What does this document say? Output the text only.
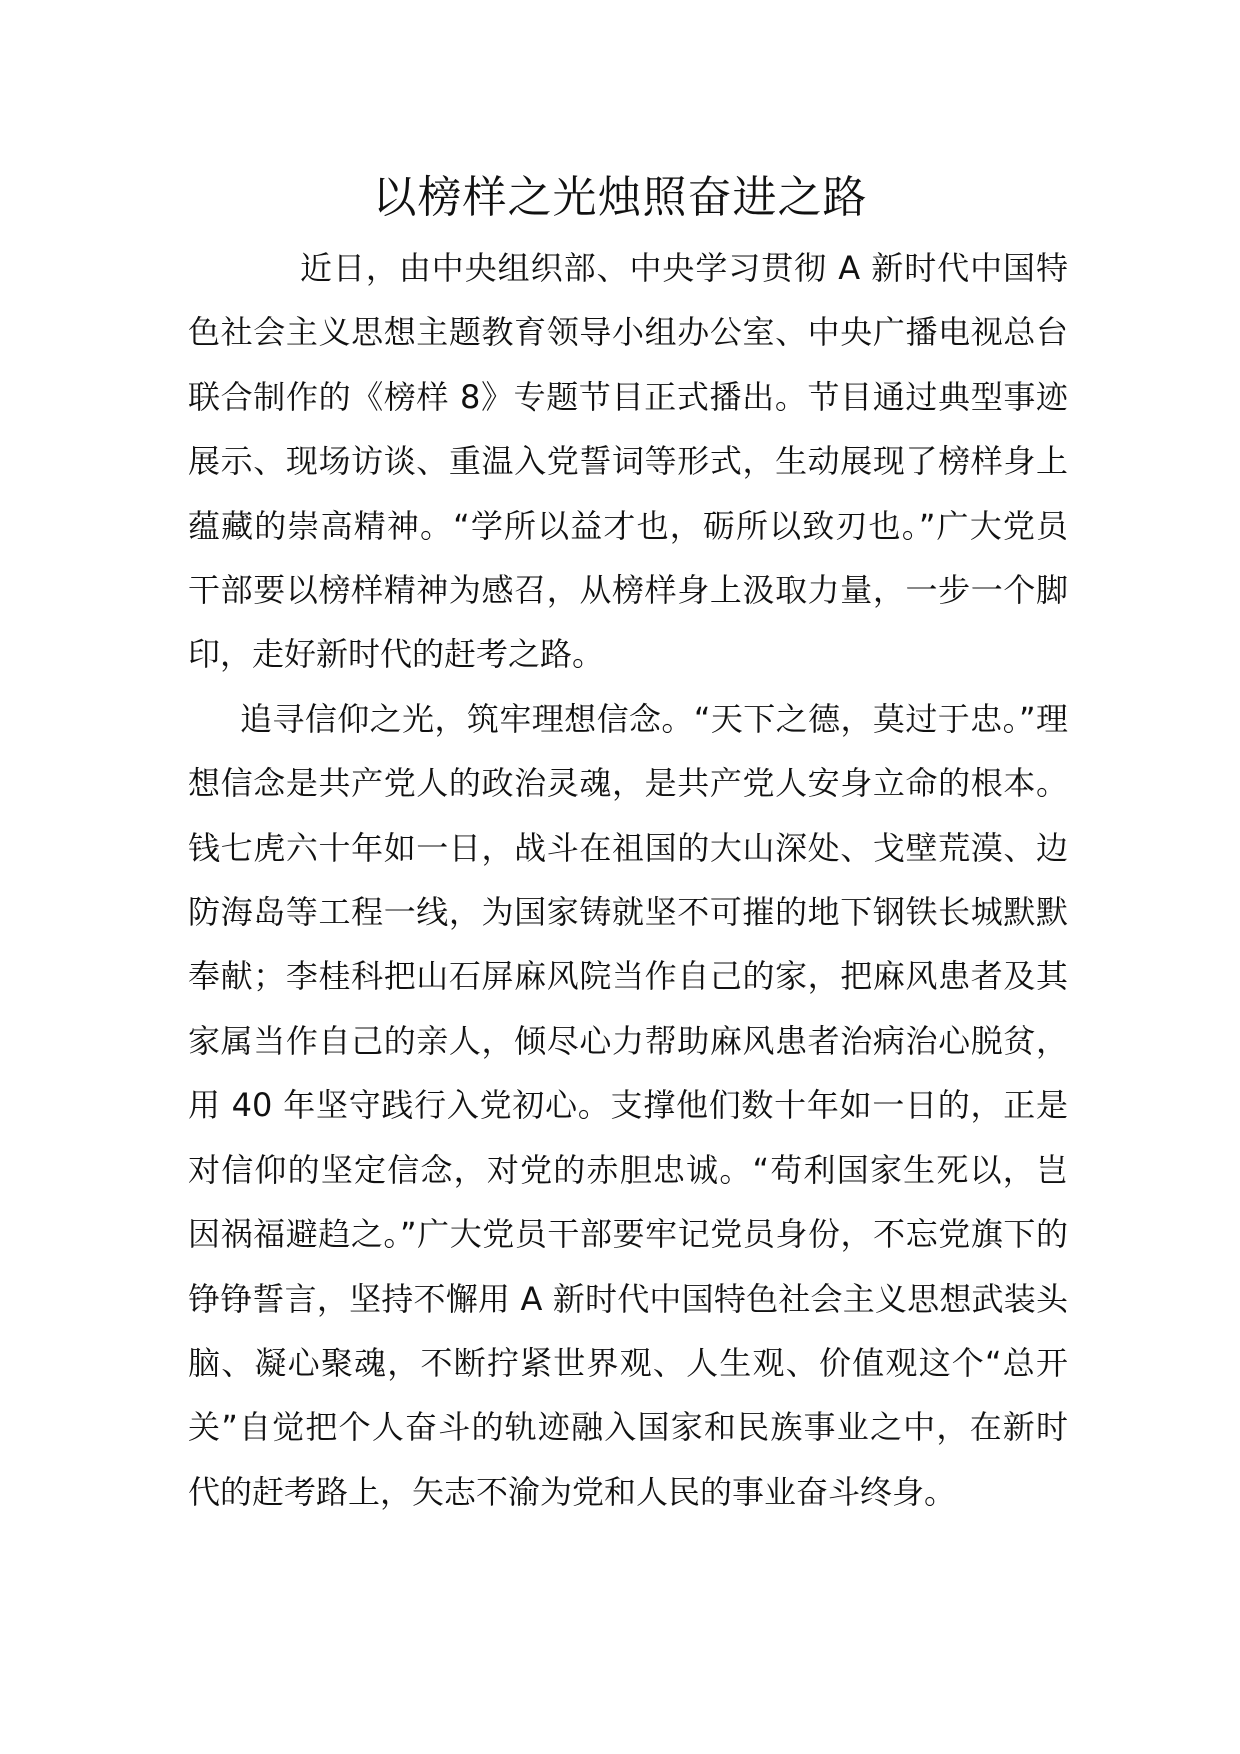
以榜样之光烛照奋进之路

近日，由中央组织部、中央学习贯彻 A 新时代中国特色社会主义思想主题教育领导小组办公室、中央广播电视总台联合制作的《榜样 8》专题节目正式播出。节目通过典型事迹展示、现场访谈、重温入党誓词等形式，生动展现了榜样身上蕴藏的崇高精神。“学所以益才也，砺所以致刃也。”广大党员干部要以榜样精神为感召，从榜样身上汲取力量，一步一个脚印，走好新时代的赶考之路。

追寻信仰之光，筑牢理想信念。“天下之德，莫过于忠。”理想信念是共产党人的政治灵魂，是共产党人安身立命的根本。钱七虎六十年如一日，战斗在祖国的大山深处、戈壁荒漠、边防海岛等工程一线，为国家铸就坚不可摧的地下钢铁长城默默奉献；李桂科把山石屏麻风院当作自己的家，把麻风患者及其家属当作自己的亲人，倾尽心力帮助麻风患者治病治心脱贫，用 40 年坚守践行入党初心。支撑他们数十年如一日的，正是对信仰的坚定信念，对党的赤胆忠诚。“苟利国家生死以，岂因祸福避趋之。”广大党员干部要牢记党员身份，不忘党旗下的铮铮誓言，坚持不懈用 A 新时代中国特色社会主义思想武装头脑、凝心聚魂，不断拧紧世界观、人生观、价值观这个“总开关”自觉把个人奋斗的轨迹融入国家和民族事业之中，在新时代的赶考路上，矢志不渝为党和人民的事业奋斗终身。
